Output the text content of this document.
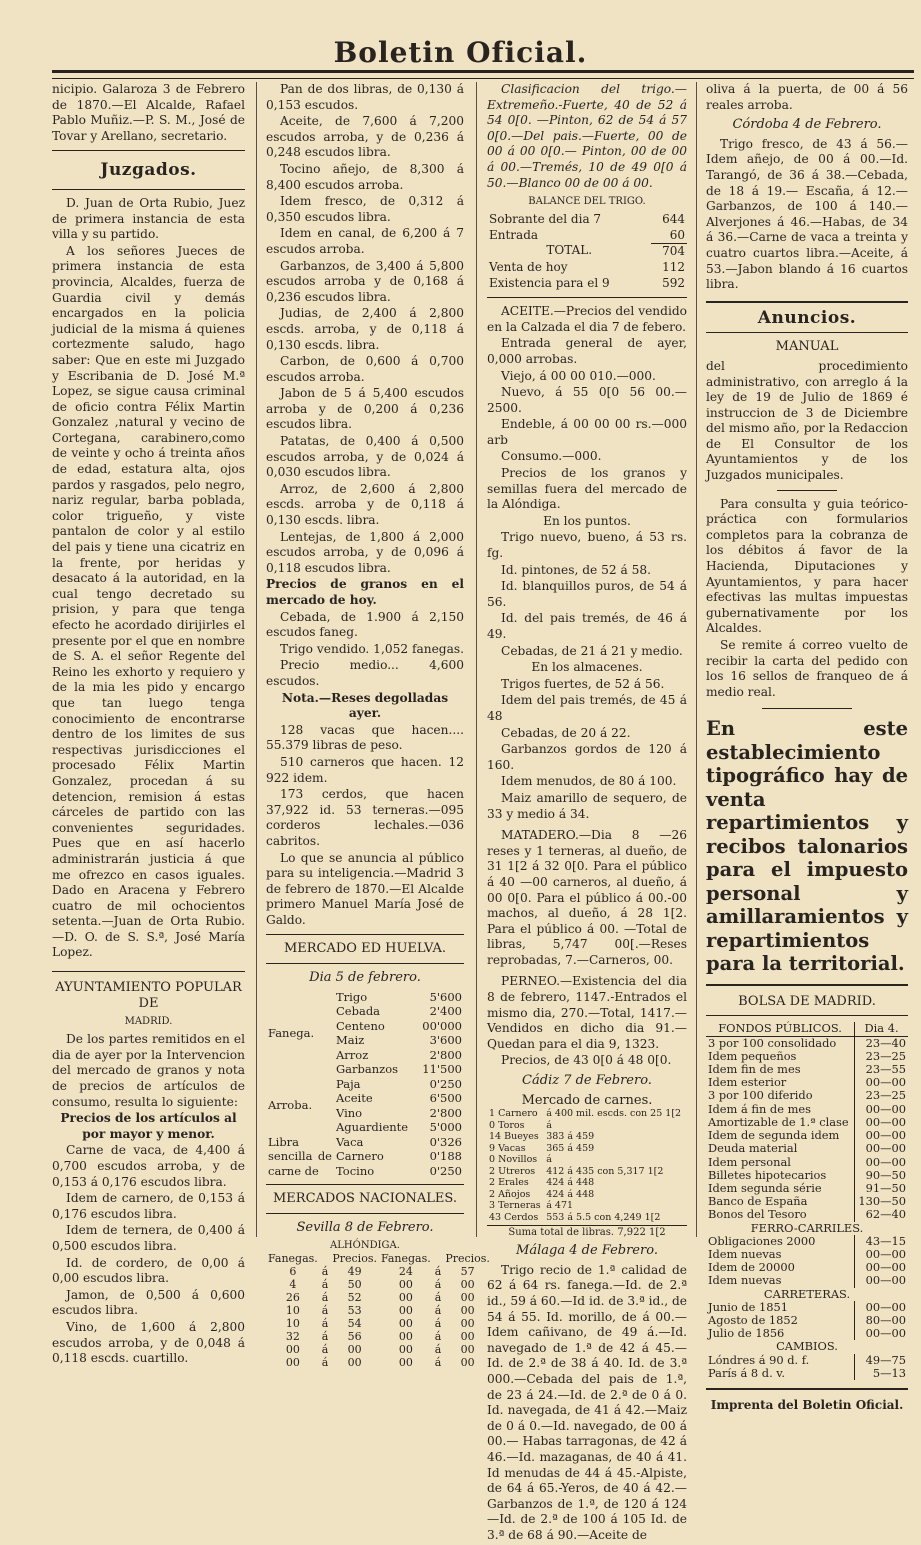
Boletin Oficial.

nicipio. Galaroza 3 de Febrero de 1870.—El Alcalde, Rafael Pablo Muñiz.—P. S. M., José de Tovar y Arellano, secretario.

Juzgados.

D. Juan de Orta Rubio, Juez de primera instancia de esta villa y su partido.

A los señores Jueces de primera instancia de esta provincia, Alcaldes, fuerza de Guardia civil y demás encargados en la policia judicial de la misma á quienes cortezmente saludo, hago saber: Que en este mi Juzgado y Escribania de D. José M.ª Lopez, se sigue causa criminal de oficio contra Félix Martin Gonzalez ,natural y vecino de Cortegana, carabinero,como de veinte y ocho á treinta años de edad, estatura alta, ojos pardos y rasgados, pelo negro, nariz regular, barba poblada, color trigueño, y viste pantalon de color y al estilo del pais y tiene una cicatriz en la frente, por heridas y desacato á la autoridad, en la cual tengo decretado su prision, y para que tenga efecto he acordado dirijirles el presente por el que en nombre de S. A. el señor Regente del Reino les exhorto y requiero y de la mia les pido y encargo que tan luego tenga conocimiento de encontrarse dentro de los limites de sus respectivas jurisdicciones el procesado Félix Martin Gonzalez, procedan á su detencion, remision á estas cárceles de partido con las convenientes seguridades. Pues que en así hacerlo administrarán justicia á que me ofrezco en casos iguales. Dado en Aracena y Febrero cuatro de mil ochocientos setenta.—Juan de Orta Rubio.—D. O. de S. S.ª, José María Lopez.

AYUNTAMIENTO POPULAR DE
MADRID.

De los partes remitidos en el dia de ayer por la Intervencion del mercado de granos y nota de precios de artículos de consumo, resulta lo siguiente:

Precios de los artículos al por mayor y menor.

Carne de vaca, de 4,400 á 0,700 escudos arroba, y de 0,153 á 0,176 escudos libra.

Idem de carnero, de 0,153 á 0,176 escudos libra.

Idem de ternera, de 0,400 á 0,500 escudos libra.

Id. de cordero, de 0,00 á 0,00 escudos libra.

Jamon, de 0,500 á 0,600 escudos libra.

Vino, de 1,600 á 2,800 escudos arroba, y de 0,048 á 0,118 escds. cuartillo.

Pan de dos libras, de 0,130 á 0,153 escudos.

Aceite, de 7,600 á 7,200 escudos arroba, y de 0,236 á 0,248 escudos libra.

Tocino añejo, de 8,300 á 8,400 escudos arroba.

Idem fresco, de 0,312 á 0,350 escudos libra.

Idem en canal, de 6,200 á 7 escudos arroba.

Garbanzos, de 3,400 á 5,800 escudos arroba y de 0,168 á 0,236 escudos libra.

Judias, de 2,400 á 2,800 escds. arroba, y de 0,118 á 0,130 escds. libra.

Carbon, de 0,600 á 0,700 escudos arroba.

Jabon de 5 á 5,400 escudos arroba y de 0,200 á 0,236 escudos libra.

Patatas, de 0,400 á 0,500 escudos arroba, y de 0,024 á 0,030 escudos libra.

Arroz, de 2,600 á 2,800 escds. arroba y de 0,118 á 0,130 escds. libra.

Lentejas, de 1,800 á 2,000 escudos arroba, y de 0,096 á 0,118 escudos libra.

Precios de granos en el mercado de hoy.

Cebada, de 1.900 á 2,150 escudos faneg.

Trigo vendido. 1,052 fanegas.

Precio medio... 4,600 escudos.

Nota.—Reses degolladas ayer.

128 vacas que hacen.... 55.379 libras de peso.

510 carneros que hacen. 12 922 idem.

173 cerdos, que hacen 37,922 id. 53 terneras.—095 corderos lechales.—036 cabritos.

Lo que se anuncia al público para su inteligencia.—Madrid 3 de febrero de 1870.—El Alcalde primero Manuel María José de Galdo.

MERCADO ED HUELVA.
Dia 5 de febrero.
Fanega.	Trigo	5'600
	Cebada	2'400
	Centeno	00'000
	Maiz	3'600
	Arroz	2'800
	Garbanzos	11'500
Arroba.	Paja	0'250
	Aceite	6'500
	Vino	2'800
	Aguardiente	5'000
Libra sencilla de carne de	Vaca	0'326
	Carnero	0'188
	Tocino	0'250
MERCADOS NACIONALES.
Sevilla 8 de Febrero.
ALHÓNDIGA.
Fanegas.		Precios.	Fanegas.		Precios.
6	á	49	24	á	57
4	á	50	00	á	00
26	á	52	00	á	00
10	á	53	00	á	00
10	á	54	00	á	00
32	á	56	00	á	00
00	á	00	00	á	00
00	á	00	00	á	00

Clasificacion del trigo.—Extremeño.-Fuerte, 40 de 52 á 54 0[0. —Pinton, 62 de 54 á 57 0[0.—Del pais.—Fuerte, 00 de 00 á 00 0[0.— Pinton, 00 de 00 á 00.—Tremés, 10 de 49 0[0 á 50.—Blanco 00 de 00 á 00.

BALANCE DEL TRIGO.
Sobrante del dia 7	644
Entrada	60
TOTAL.	704
Venta de hoy	112
Existencia para el 9	592

ACEITE.—Precios del vendido en la Calzada el dia 7 de febero.

Entrada general de ayer, 0,000 arrobas.

Viejo, á 00 00 010.—000.

Nuevo, á 55 0[0 56 00.—2500.

Endeble, á 00 00 00 rs.—000 arb

Consumo.—000.

Precios de los granos y semillas fuera del mercado de la Alóndiga.

En los puntos.

Trigo nuevo, bueno, á 53 rs. fg.

Id. pintones, de 52 á 58.

Id. blanquillos puros, de 54 á 56.

Id. del pais tremés, de 46 á 49.

Cebadas, de 21 á 21 y medio.

En los almacenes.

Trigos fuertes, de 52 á 56.

Idem del pais tremés, de 45 á 48

Cebadas, de 20 á 22.

Garbanzos gordos de 120 á 160.

Idem menudos, de 80 á 100.

Maiz amarillo de sequero, de 33 y medio á 34.

MATADERO.—Dia 8 —26 reses y 1 terneras, al dueño, de 31 1[2 á 32 0[0. Para el público á 40 —00 carneros, al dueño, á 00 0[0. Para el público á 00.-00 machos, al dueño, á 28 1[2. Para el público á 00. —Total de libras, 5,747 00[.—Reses reprobadas, 7.—Carneros, 00.

PERNEO.—Existencia del dia 8 de febrero, 1147.-Entrados el mismo dia, 270.—Total, 1417.—Vendidos en dicho dia 91.—Quedan para el dia 9, 1323.

Precios, de 43 0[0 á 48 0[0.

Cádiz 7 de Febrero.
Mercado de carnes.
1 Carnero	á 400 mil. escds. con 25 1[2
0 Toros	á
14 Bueyes	383 á 459
9 Vacas	365 á 459
0 Novillos	á
2 Utreros	412 á 435 con 5,317 1[2
2 Erales	424 á 448
2 Añojos	424 á 448
3 Terneras	á 471
43 Cerdos	553 á 5.5 con 4,249 1[2

Suma total de libras. 7,922 1[2

Málaga 4 de Febrero.

Trigo recio de 1.ª calidad de 62 á 64 rs. fanega.—Id. de 2.ª id., 59 á 60.—Id id. de 3.ª id., de 54 á 55. Id. morillo, de á 00.—Idem cañivano, de 49 á.—Id. navegado de 1.ª de 42 á 45.—Id. de 2.ª de 38 á 40. Id. de 3.ª 000.—Cebada del pais de 1.ª, de 23 á 24.—Id. de 2.ª de 0 á 0. Id. navegada, de 41 á 42.—Maiz de 0 á 0.—Id. navegado, de 00 á 00.— Habas tarragonas, de 42 á 46.—Id. mazaganas, de 40 á 41. Id menudas de 44 á 45.-Alpiste, de 64 á 65.-Yeros, de 40 á 42.—Garbanzos de 1.ª, de 120 á 124—Id. de 2.ª de 100 á 105 Id. de 3.ª de 68 á 90.—Aceite de

oliva á la puerta, de 00 á 56 reales arroba.

Córdoba 4 de Febrero.

Trigo fresco, de 43 á 56.—Idem añejo, de 00 á 00.—Id. Tarangó, de 36 á 38.—Cebada, de 18 á 19.— Escaña, á 12.—Garbanzos, de 100 á 140.—Alverjones á 46.—Habas, de 34 á 36.—Carne de vaca a treinta y cuatro cuartos libra.—Aceite, á 53.—Jabon blando á 16 cuartos libra.

Anuncios.
MANUAL

del procedimiento administrativo, con arreglo á la ley de 19 de Julio de 1869 é instruccion de 3 de Diciembre del mismo año, por la Redaccion de El Consultor de los Ayuntamientos y de los Juzgados municipales.

Para consulta y guia teórico-práctica con formularios completos para la cobranza de los débitos á favor de la Hacienda, Diputaciones y Ayuntamientos, y para hacer efectivas las multas impuestas gubernativamente por los Alcaldes.

Se remite á correo vuelto de recibir la carta del pedido con los 16 sellos de franqueo de á medio real.

En este establecimiento tipográfico hay de venta repartimientos y recibos talonarios para el impuesto personal y amillaramientos y repartimientos para la territorial.

BOLSA DE MADRID.
FONDOS PÚBLICOS.	Dia 4.
3 por 100 consolidado	23—40
Idem pequeños	23—25
Idem fin de mes	23—55
Idem esterior	00—00
3 por 100 diferido	23—25
Idem á fin de mes	00—00
Amortizable de 1.ª clase	00—00
Idem de segunda idem	00—00
Deuda material	00—00
Idem personal	00—00
Billetes hipotecarios	90—50
Idem segunda série	91—50
Banco de España	130—50
Bonos del Tesoro	62—40
FERRO-CARRILES.	
Obligaciones 2000	43—15
Idem nuevas	00—00
Idem de 20000	00—00
Idem nuevas	00—00
CARRETERAS.	
Junio de 1851	00—00
Agosto de 1852	80—00
Julio de 1856	00—00
CAMBIOS.	
Lóndres á 90 d. f.	49—75
París á 8 d. v.	5—13
Imprenta del Boletin Oficial.
